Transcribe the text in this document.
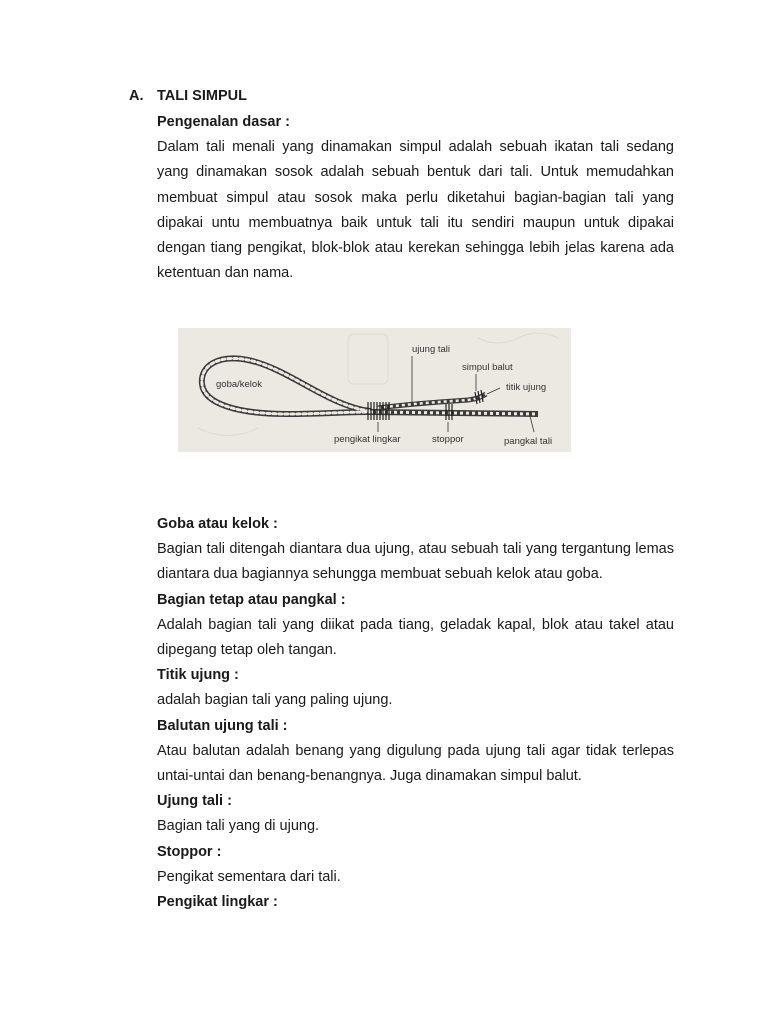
A. TALI SIMPUL

Pengenalan dasar :

Dalam tali menali yang dinamakan simpul adalah sebuah ikatan tali sedang yang dinamakan sosok adalah sebuah bentuk dari tali. Untuk memudahkan membuat simpul atau sosok maka perlu diketahui bagian-bagian tali yang dipakai untu membuatnya baik untuk tali itu sendiri maupun untuk dipakai dengan tiang pengikat, blok-blok atau kerekan sehingga lebih jelas karena ada ketentuan dan nama.

goba/kelok
ujung tali
simpul balut
titik ujung
pengikat lingkar	stoppor	pangkal tali

Goba atau kelok :

Bagian tali ditengah diantara dua ujung, atau sebuah tali yang tergantung lemas diantara dua bagiannya sehungga membuat sebuah kelok atau goba.

Bagian tetap atau pangkal :

Adalah bagian tali yang diikat pada tiang, geladak kapal, blok atau takel atau dipegang tetap oleh tangan.

Titik ujung :

adalah bagian tali yang paling ujung.

Balutan ujung tali :

Atau balutan adalah benang yang digulung pada ujung tali agar tidak terlepas untai-untai dan benang-benangnya. Juga dinamakan simpul balut.

Ujung tali :

Bagian tali yang di ujung.

Stoppor :

Pengikat sementara dari tali.

Pengikat lingkar :
